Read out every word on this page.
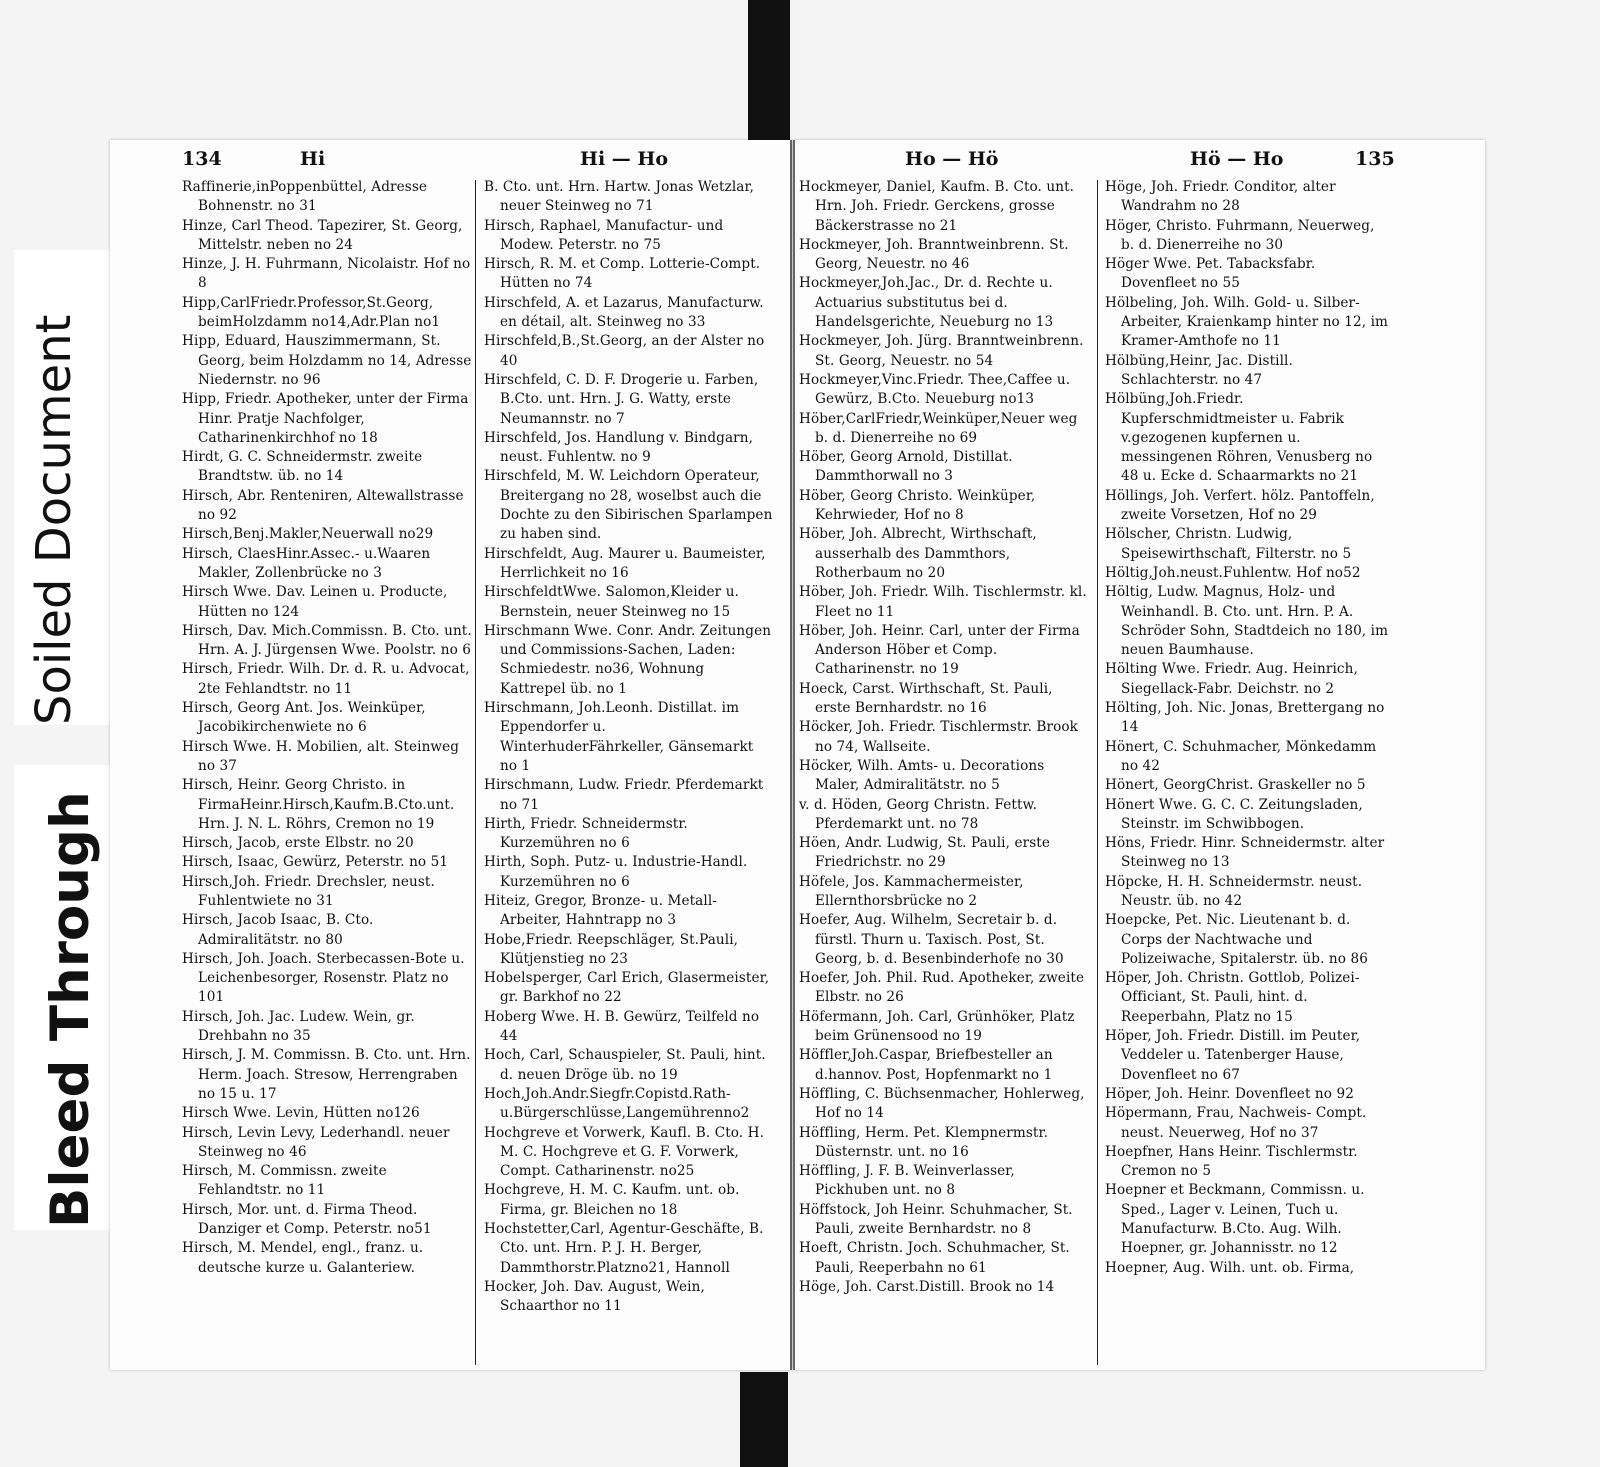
Soiled Document
Bleed Through
134	Hi	Hi — Ho
Raffinerie,inPoppenbüttel, Adresse Bohnenstr. no 31
Hinze, Carl Theod. Tapezirer, St. Georg, Mittelstr. neben no 24
Hinze, J. H. Fuhrmann, Nicolaistr. Hof no 8
Hipp,CarlFriedr.Professor,St.Georg, beimHolzdamm no14,Adr.Plan no1
Hipp, Eduard, Hauszimmermann, St. Georg, beim Holzdamm no 14, Adresse Niedernstr. no 96
Hipp, Friedr. Apotheker, unter der Firma Hinr. Pratje Nachfolger, Catharinenkirchhof no 18
Hirdt, G. C. Schneidermstr. zweite Brandtstw. üb. no 14
Hirsch, Abr. Renteniren, Altewallstrasse no 92
Hirsch,Benj.Makler,Neuerwall no29
Hirsch, ClaesHinr.Assec.- u.Waaren Makler, Zollenbrücke no 3
Hirsch Wwe. Dav. Leinen u. Producte, Hütten no 124
Hirsch, Dav. Mich.Commissn. B. Cto. unt. Hrn. A. J. Jürgensen Wwe. Poolstr. no 6
Hirsch, Friedr. Wilh. Dr. d. R. u. Advocat, 2te Fehlandtstr. no 11
Hirsch, Georg Ant. Jos. Weinküper, Jacobikirchenwiete no 6
Hirsch Wwe. H. Mobilien, alt. Steinweg no 37
Hirsch, Heinr. Georg Christo. in FirmaHeinr.Hirsch,Kaufm.B.Cto.unt. Hrn. J. N. L. Röhrs, Cremon no 19
Hirsch, Jacob, erste Elbstr. no 20
Hirsch, Isaac, Gewürz, Peterstr. no 51
Hirsch,Joh. Friedr. Drechsler, neust. Fuhlentwiete no 31
Hirsch, Jacob Isaac, B. Cto. Admiralitätstr. no 80
Hirsch, Joh. Joach. Sterbecassen-Bote u. Leichenbesorger, Rosenstr. Platz no 101
Hirsch, Joh. Jac. Ludew. Wein, gr. Drehbahn no 35
Hirsch, J. M. Commissn. B. Cto. unt. Hrn. Herm. Joach. Stresow, Herrengraben no 15 u. 17
Hirsch Wwe. Levin, Hütten no126
Hirsch, Levin Levy, Lederhandl. neuer Steinweg no 46
Hirsch, M. Commissn. zweite Fehlandtstr. no 11
Hirsch, Mor. unt. d. Firma Theod. Danziger et Comp. Peterstr. no51
Hirsch, M. Mendel, engl., franz. u. deutsche kurze u. Galanteriew.
B. Cto. unt. Hrn. Hartw. Jonas Wetzlar, neuer Steinweg no 71
Hirsch, Raphael, Manufactur- und Modew. Peterstr. no 75
Hirsch, R. M. et Comp. Lotterie-Compt. Hütten no 74
Hirschfeld, A. et Lazarus, Manufacturw. en détail, alt. Steinweg no 33
Hirschfeld,B.,St.Georg, an der Alster no 40
Hirschfeld, C. D. F. Drogerie u. Farben, B.Cto. unt. Hrn. J. G. Watty, erste Neumannstr. no 7
Hirschfeld, Jos. Handlung v. Bindgarn, neust. Fuhlentw. no 9
Hirschfeld, M. W. Leichdorn Operateur, Breitergang no 28, woselbst auch die Dochte zu den Sibirischen Sparlampen zu haben sind.
Hirschfeldt, Aug. Maurer u. Baumeister, Herrlichkeit no 16
HirschfeldtWwe. Salomon,Kleider u. Bernstein, neuer Steinweg no 15
Hirschmann Wwe. Conr. Andr. Zeitungen und Commissions-Sachen, Laden: Schmiedestr. no36, Wohnung Kattrepel üb. no 1
Hirschmann, Joh.Leonh. Distillat. im Eppendorfer u. WinterhuderFährkeller, Gänsemarkt no 1
Hirschmann, Ludw. Friedr. Pferdemarkt no 71
Hirth, Friedr. Schneidermstr. Kurzemühren no 6
Hirth, Soph. Putz- u. Industrie-Handl. Kurzemühren no 6
Hiteiz, Gregor, Bronze- u. Metall-Arbeiter, Hahntrapp no 3
Hobe,Friedr. Reepschläger, St.Pauli, Klütjenstieg no 23
Hobelsperger, Carl Erich, Glasermeister, gr. Barkhof no 22
Hoberg Wwe. H. B. Gewürz, Teilfeld no 44
Hoch, Carl, Schauspieler, St. Pauli, hint. d. neuen Dröge üb. no 19
Hoch,Joh.Andr.Siegfr.Copistd.Rath-u.Bürgerschlüsse,Langemührenno2
Hochgreve et Vorwerk, Kaufl. B. Cto. H. M. C. Hochgreve et G. F. Vorwerk, Compt. Catharinenstr. no25
Hochgreve, H. M. C. Kaufm. unt. ob. Firma, gr. Bleichen no 18
Hochstetter,Carl, Agentur-Geschäfte, B. Cto. unt. Hrn. P. J. H. Berger, Dammthorstr.Platzno21, Hannoll
Hocker, Joh. Dav. August, Wein, Schaarthor no 11
Ho — Hö	Hö — Ho	135
Hockmeyer, Daniel, Kaufm. B. Cto. unt. Hrn. Joh. Friedr. Gerckens, grosse Bäckerstrasse no 21
Hockmeyer, Joh. Branntweinbrenn. St. Georg, Neuestr. no 46
Hockmeyer,Joh.Jac., Dr. d. Rechte u. Actuarius substitutus bei d. Handelsgerichte, Neueburg no 13
Hockmeyer, Joh. Jürg. Branntweinbrenn. St. Georg, Neuestr. no 54
Hockmeyer,Vinc.Friedr. Thee,Caffee u. Gewürz, B.Cto. Neueburg no13
Höber,CarlFriedr,Weinküper,Neuer weg b. d. Dienerreihe no 69
Höber, Georg Arnold, Distillat. Dammthorwall no 3
Höber, Georg Christo. Weinküper, Kehrwieder, Hof no 8
Höber, Joh. Albrecht, Wirthschaft, ausserhalb des Dammthors, Rotherbaum no 20
Höber, Joh. Friedr. Wilh. Tischlermstr. kl. Fleet no 11
Höber, Joh. Heinr. Carl, unter der Firma Anderson Höber et Comp. Catharinenstr. no 19
Hoeck, Carst. Wirthschaft, St. Pauli, erste Bernhardstr. no 16
Höcker, Joh. Friedr. Tischlermstr. Brook no 74, Wallseite.
Höcker, Wilh. Amts- u. Decorations Maler, Admiralitätstr. no 5
v. d. Höden, Georg Christn. Fettw. Pferdemarkt unt. no 78
Höen, Andr. Ludwig, St. Pauli, erste Friedrichstr. no 29
Höfele, Jos. Kammachermeister, Ellernthorsbrücke no 2
Hoefer, Aug. Wilhelm, Secretair b. d. fürstl. Thurn u. Taxisch. Post, St. Georg, b. d. Besenbinderhofe no 30
Hoefer, Joh. Phil. Rud. Apotheker, zweite Elbstr. no 26
Höfermann, Joh. Carl, Grünhöker, Platz beim Grünensood no 19
Höffler,Joh.Caspar, Briefbesteller an d.hannov. Post, Hopfenmarkt no 1
Höffling, C. Büchsenmacher, Hohlerweg, Hof no 14
Höffling, Herm. Pet. Klempnermstr. Düsternstr. unt. no 16
Höffling, J. F. B. Weinverlasser, Pickhuben unt. no 8
Höffstock, Joh Heinr. Schuhmacher, St. Pauli, zweite Bernhardstr. no 8
Hoeft, Christn. Joch. Schuhmacher, St. Pauli, Reeperbahn no 61
Höge, Joh. Carst.Distill. Brook no 14
Höge, Joh. Friedr. Conditor, alter Wandrahm no 28
Höger, Christo. Fuhrmann, Neuerweg, b. d. Dienerreihe no 30
Höger Wwe. Pet. Tabacksfabr. Dovenfleet no 55
Hölbeling, Joh. Wilh. Gold- u. Silber-Arbeiter, Kraienkamp hinter no 12, im Kramer-Amthofe no 11
Hölbüng,Heinr, Jac. Distill. Schlachterstr. no 47
Hölbüng,Joh.Friedr. Kupferschmidtmeister u. Fabrik v.gezogenen kupfernen u. messingenen Röhren, Venusberg no 48 u. Ecke d. Schaarmarkts no 21
Höllings, Joh. Verfert. hölz. Pantoffeln, zweite Vorsetzen, Hof no 29
Hölscher, Christn. Ludwig, Speisewirthschaft, Filterstr. no 5
Höltig,Joh.neust.Fuhlentw. Hof no52
Höltig, Ludw. Magnus, Holz- und Weinhandl. B. Cto. unt. Hrn. P. A. Schröder Sohn, Stadtdeich no 180, im neuen Baumhause.
Hölting Wwe. Friedr. Aug. Heinrich, Siegellack-Fabr. Deichstr. no 2
Hölting, Joh. Nic. Jonas, Brettergang no 14
Hönert, C. Schuhmacher, Mönkedamm no 42
Hönert, GeorgChrist. Graskeller no 5
Hönert Wwe. G. C. C. Zeitungsladen, Steinstr. im Schwibbogen.
Höns, Friedr. Hinr. Schneidermstr. alter Steinweg no 13
Höpcke, H. H. Schneidermstr. neust. Neustr. üb. no 42
Hoepcke, Pet. Nic. Lieutenant b. d. Corps der Nachtwache und Polizeiwache, Spitalerstr. üb. no 86
Höper, Joh. Christn. Gottlob, Polizei-Officiant, St. Pauli, hint. d. Reeperbahn, Platz no 15
Höper, Joh. Friedr. Distill. im Peuter, Veddeler u. Tatenberger Hause, Dovenfleet no 67
Höper, Joh. Heinr. Dovenfleet no 92
Höpermann, Frau, Nachweis- Compt. neust. Neuerweg, Hof no 37
Hoepfner, Hans Heinr. Tischlermstr. Cremon no 5
Hoepner et Beckmann, Commissn. u. Sped., Lager v. Leinen, Tuch u. Manufacturw. B.Cto. Aug. Wilh. Hoepner, gr. Johannisstr. no 12
Hoepner, Aug. Wilh. unt. ob. Firma,
